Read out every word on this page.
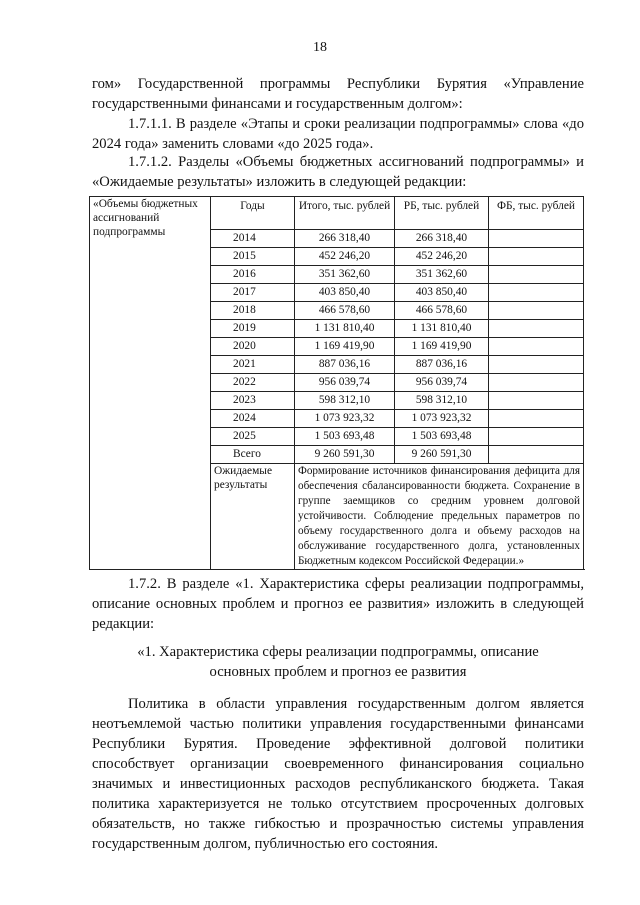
18

гом» Государственной программы Республики Бурятия «Управление государственными финансами и государственным долгом»:

1.7.1.1. В разделе «Этапы и сроки реализации подпрограммы» слова «до 2024 года» заменить словами «до 2025 года».

1.7.1.2. Разделы «Объемы бюджетных ассигнований подпрограммы» и «Ожидаемые результаты» изложить в следующей редакции:

«Объемы бюджетных ассигнований подпрограммы	Годы	Итого, тыс. рублей	РБ, тыс. рублей	ФБ, тыс. рублей
	2014	266 318,40	266 318,40	
	2015	452 246,20	452 246,20	
	2016	351 362,60	351 362,60	
	2017	403 850,40	403 850,40	
	2018	466 578,60	466 578,60	
	2019	1 131 810,40	1 131 810,40	
	2020	1 169 419,90	1 169 419,90	
	2021	887 036,16	887 036,16	
	2022	956 039,74	956 039,74	
	2023	598 312,10	598 312,10	
	2024	1 073 923,32	1 073 923,32	
	2025	1 503 693,48	1 503 693,48	
	Всего	9 260 591,30	9 260 591,30	
	Ожидаемые результаты	Формирование источников финансирования дефицита для обеспечения сбалансированности бюджета. Сохранение в группе заемщиков со средним уровнем долговой устойчивости. Соблюдение предельных параметров по объему государственного долга и объему расходов на обслуживание государственного долга, установленных Бюджетным кодексом Российской Федерации.»		

1.7.2. В разделе «1. Характеристика сферы реализации подпрограммы, описание основных проблем и прогноз ее развития» изложить в следующей редакции:

«1. Характеристика сферы реализации подпрограммы, описание
основных проблем и прогноз ее развития

Политика в области управления государственным долгом является неотъемлемой частью политики управления государственными финансами Республики Бурятия. Проведение эффективной долговой политики способствует организации своевременного финансирования социально значимых и инвестиционных расходов республиканского бюджета. Такая политика характеризуется не только отсутствием просроченных долговых обязательств, но также гибкостью и прозрачностью системы управления государственным долгом, публичностью его состояния.
